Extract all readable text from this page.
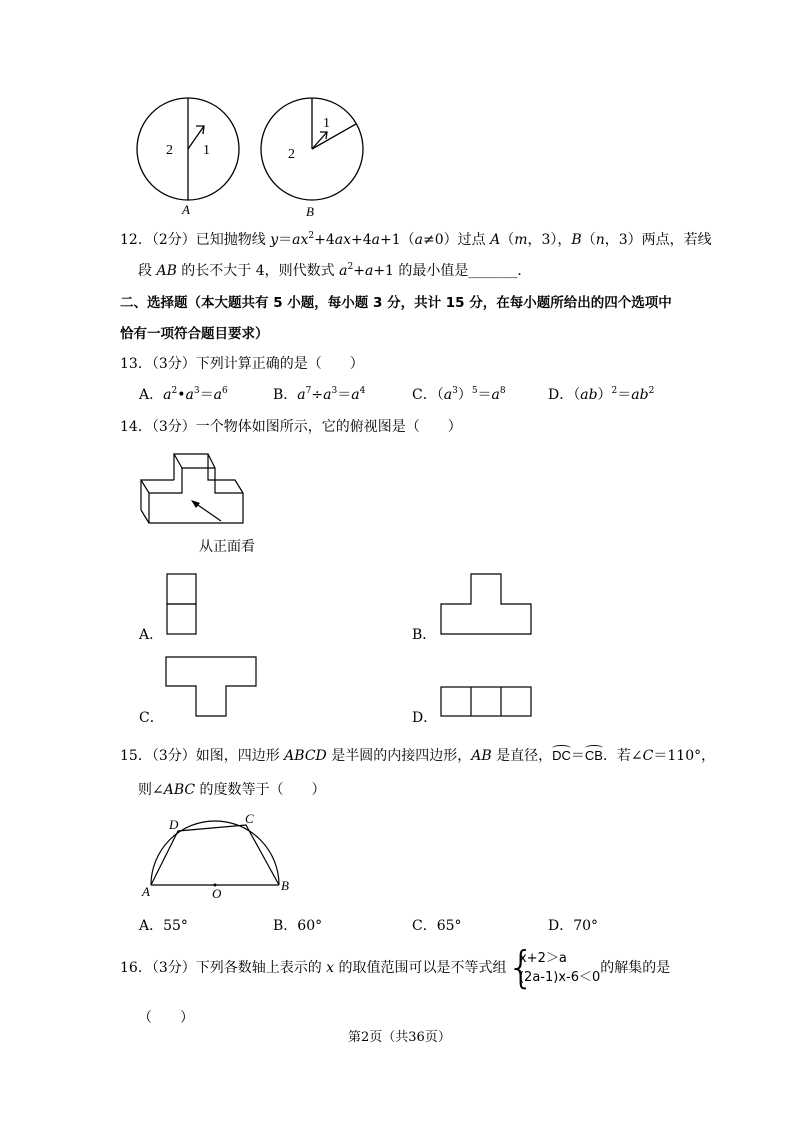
2 1
A
1
2
B
12．（2分）已知抛物线 $y=ax^2+4ax+4a+1(a\ne 0)$过点 A（m，3），B（n，3）两点，若线
段 AB 的长不大于 4，则代数式 $a^2+a+1$ 的最小值是_______．
二、选择题（本大题共有 5 小题，每小题 3 分，共计 15 分，在每小题所给出的四个选项中
恰有一项符合题目要求）
13．（3分）下列计算正确的是（　　）
A．$a^2•a^3=a^6$	B．$a^7\div a^3=a^4$	C．$(a^3)^5=a^8$	D．$(ab)^2=ab^2$
14．（3分）一个物体如图所示，它的俯视图是（　　）
从正面看
A．	B．
C．	D．
15．（3分）如图，四边形 ABCD 是半圆的内接四边形，AB 是直径，DC＝CB．若∠C＝110°，
则∠ABC 的度数等于（　　）
D	C
A	O
B
A．55°	B．60°	C．65°	D．70°
16．（3分）下列各数轴上表示的 x 的取值范围可以是不等式组 { x+2＞a
(2a-1)x-6＜0的解集的是
（　　）
第2页（共36页）
